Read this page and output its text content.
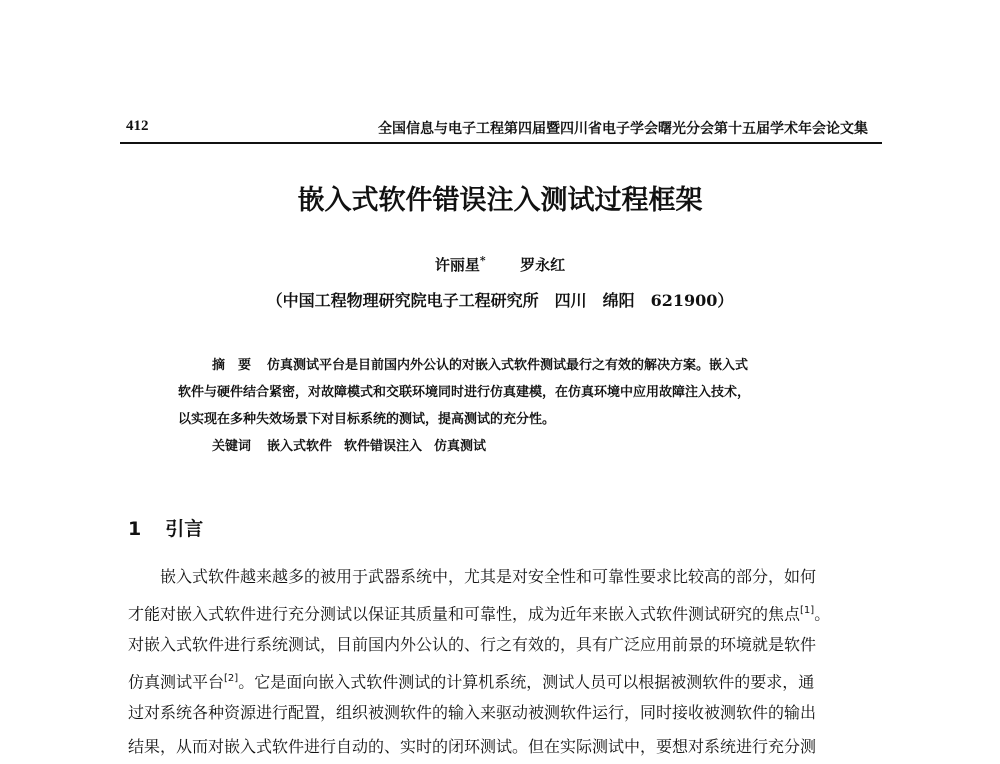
412	全国信息与电子工程第四届暨四川省电子学会曙光分会第十五届学术年会论文集
嵌入式软件错误注入测试过程框架
许丽星* 罗永红
（中国工程物理研究院电子工程研究所　四川　绵阳　621900）
摘　要 仿真测试平台是目前国内外公认的对嵌入式软件测试最行之有效的解决方案。嵌入式
软件与硬件结合紧密，对故障模式和交联环境同时进行仿真建模，在仿真环境中应用故障注入技术，
以实现在多种失效场景下对目标系统的测试，提高测试的充分性。
关键词 嵌入式软件 软件错误注入 仿真测试
1 引言
嵌入式软件越来越多的被用于武器系统中，尤其是对安全性和可靠性要求比较高的部分，如何
才能对嵌入式软件进行充分测试以保证其质量和可靠性，成为近年来嵌入式软件测试研究的焦点[1]。
对嵌入式软件进行系统测试，目前国内外公认的、行之有效的，具有广泛应用前景的环境就是软件
仿真测试平台[2]。它是面向嵌入式软件测试的计算机系统，测试人员可以根据被测软件的要求，通
过对系统各种资源进行配置，组织被测软件的输入来驱动被测软件运行，同时接收被测软件的输出
结果，从而对嵌入式软件进行自动的、实时的闭环测试。但在实际测试中，要想对系统进行充分测
